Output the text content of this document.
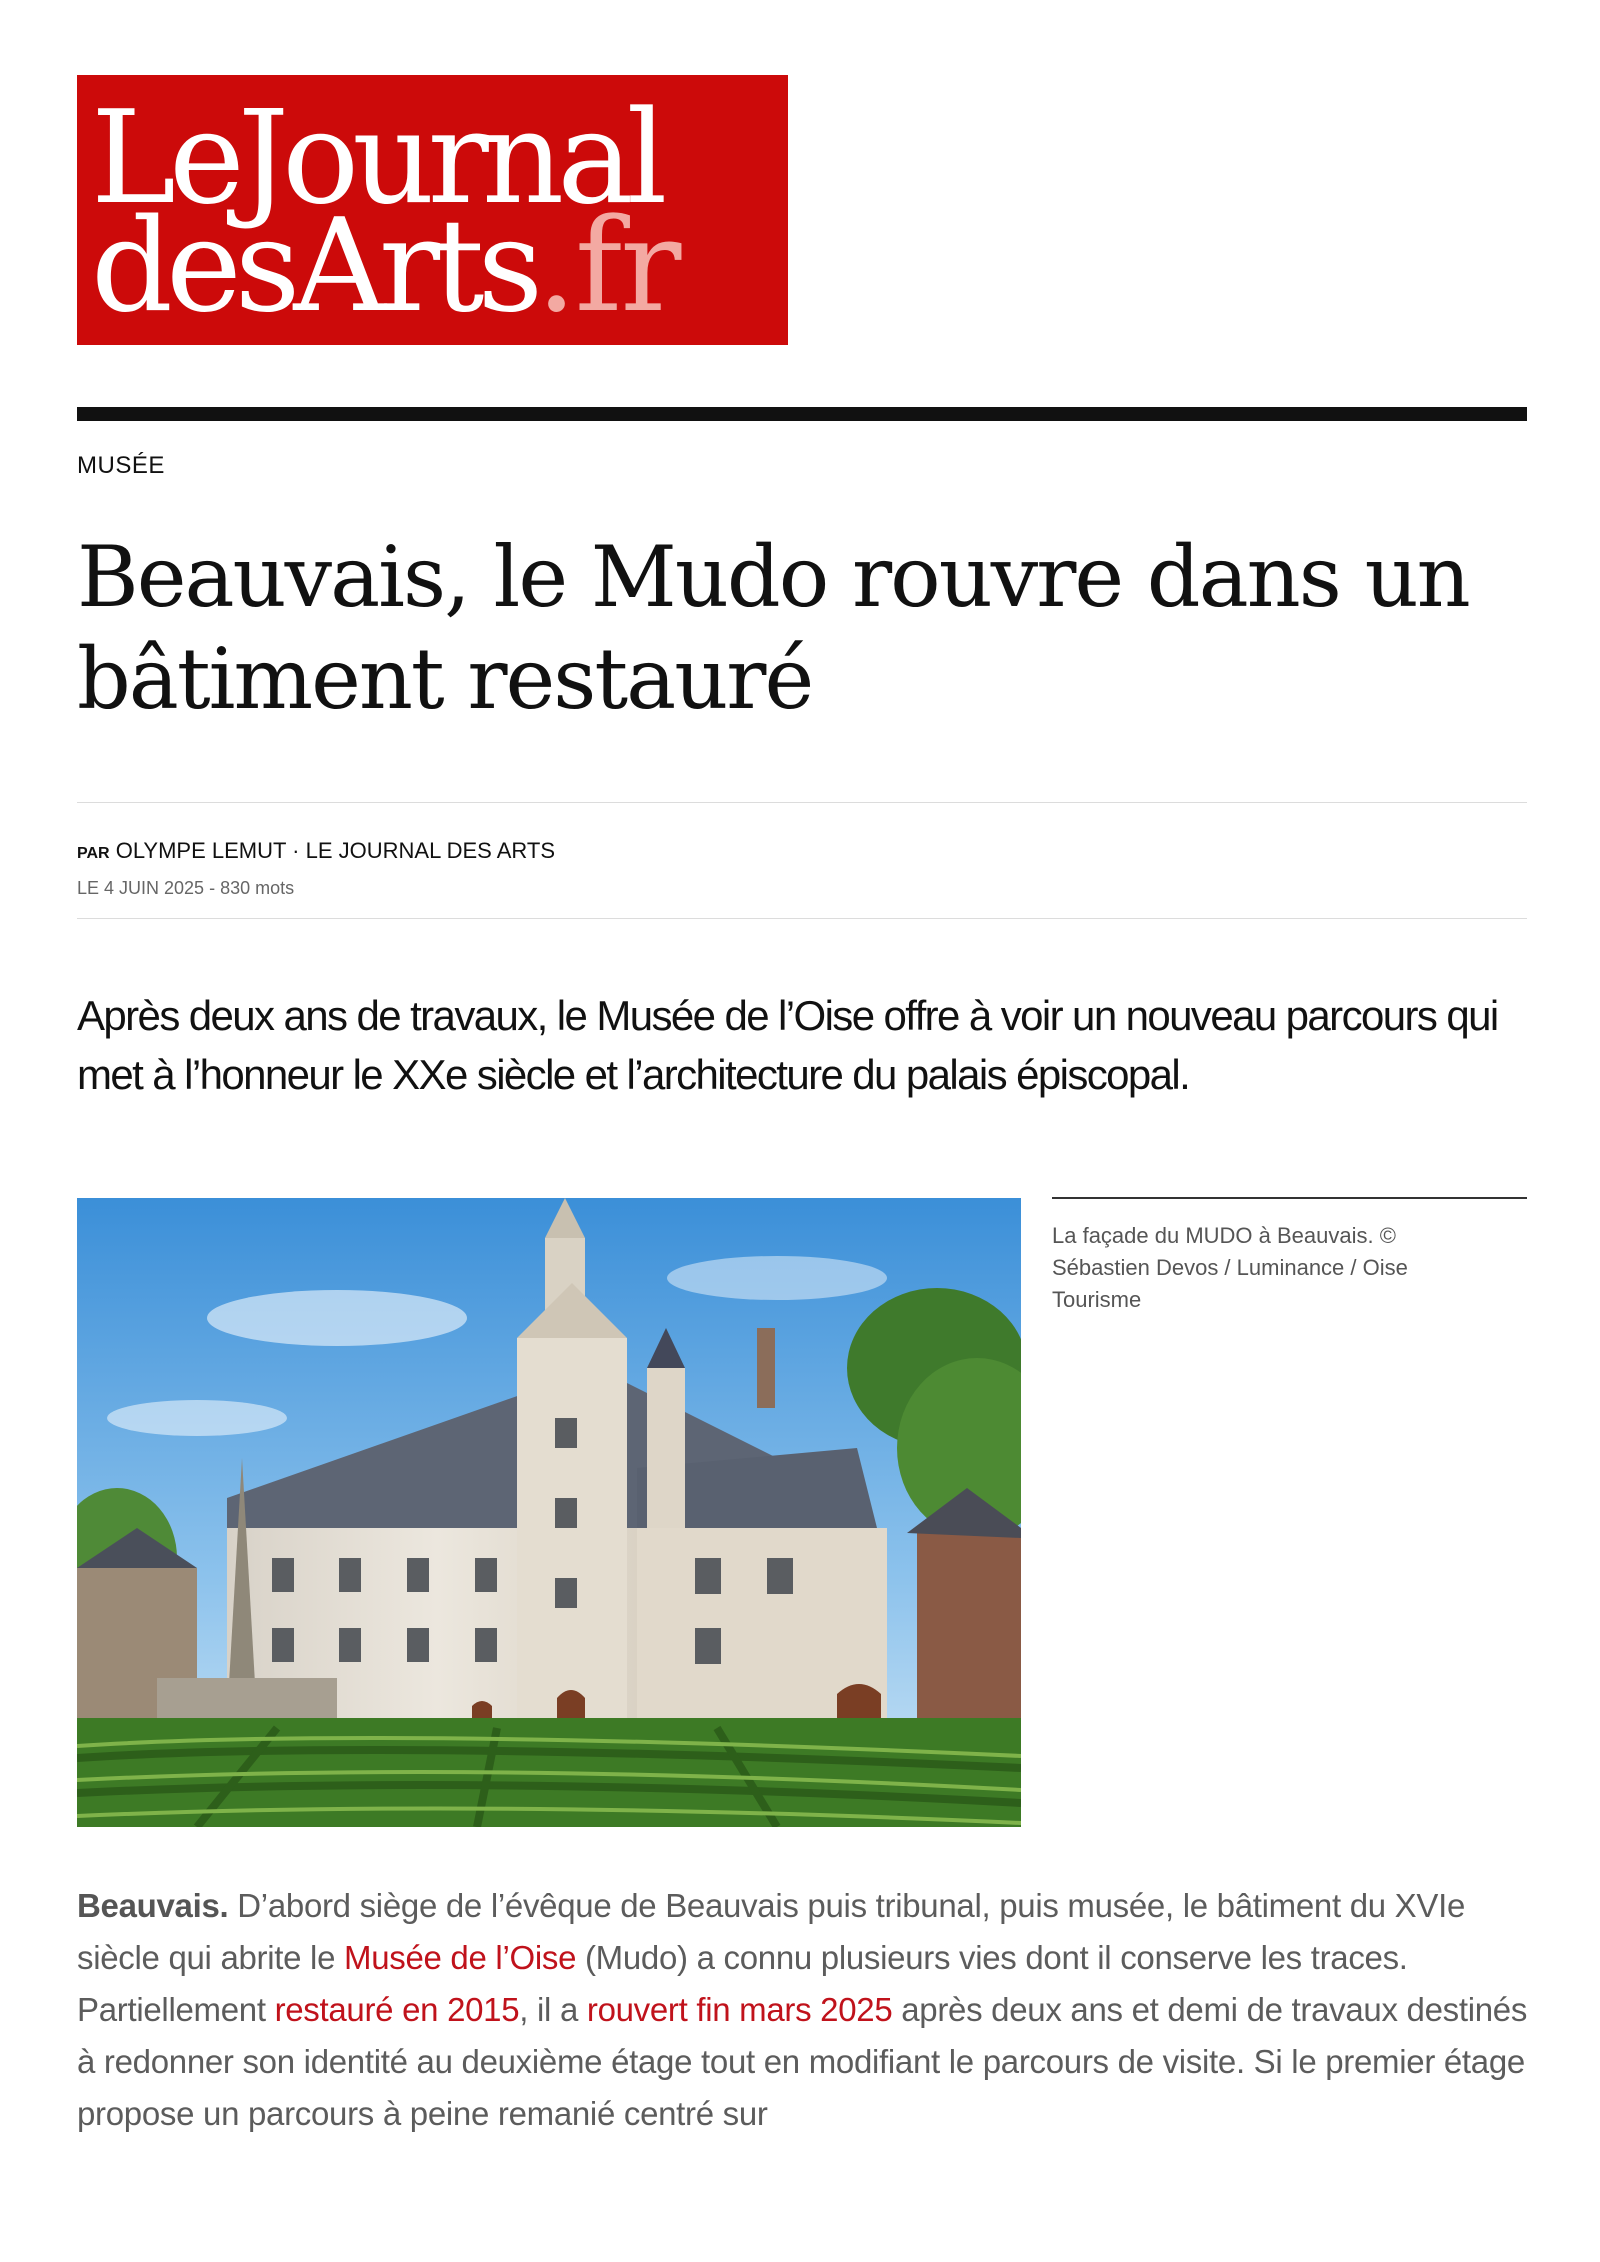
LeJournal
desArts.fr
MUSÉE
Beauvais, le Mudo rouvre dans un bâtiment restauré
PAR OLYMPE LEMUT · LE JOURNAL DES ARTS
LE 4 JUIN 2025 - 830 mots
Après deux ans de travaux, le Musée de l’Oise offre à voir un nouveau parcours qui met à l’honneur le XXe siècle et l’architecture du palais épiscopal.
La façade du MUDO à Beauvais. © Sébastien Devos / Luminance / Oise Tourisme
Beauvais. D’abord siège de l’évêque de Beauvais puis tribunal, puis musée, le bâtiment du XVIe siècle qui abrite le Musée de l’Oise (Mudo) a connu plusieurs vies dont il conserve les traces. Partiellement restauré en 2015, il a rouvert fin mars 2025 après deux ans et demi de travaux destinés à redonner son identité au deuxième étage tout en modifiant le parcours de visite. Si le premier étage propose un parcours à peine remanié centré sur
